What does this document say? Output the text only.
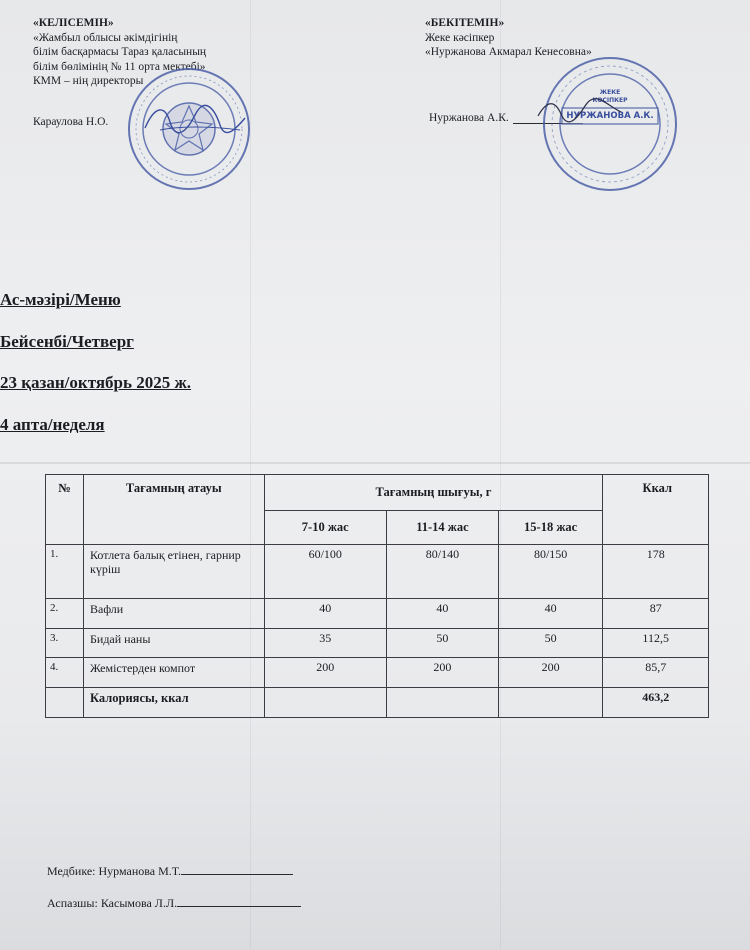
«КЕЛІСЕМІН»
«Жамбыл облысы әкімдігінің
білім басқармасы Тараз қаласының
білім бөлімінің № 11 орта мектебі»
КММ – нің директоры
Караулова Н.О.
«БЕКІТЕМІН»
Жеке кәсіпкер
«Нуржанова Акмарал Кенесовна»
Нуржанова А.К.
ЖЕКЕ
КӘСІПКЕР
НУРЖАНОВА А.К.
Ас-мәзірі/Меню
Бейсенбі/Четверг
23 қазан/октябрь 2025 ж.
4 апта/неделя
№	Тағамның атауы	Тағамның шығуы, г			Ккал
		7-10 жас	11-14 жас	15-18 жас	
1.	Котлета балық етінен, гарнир күріш	60/100	80/140	80/150	178
2.	Вафли	40	40	40	87
3.	Бидай наны	35	50	50	112,5
4.	Жемістерден компот	200	200	200	85,7
	Калориясы, ккал				463,2
Медбике: Нурманова М.Т.
Аспазшы: Касымова Л.Л.
